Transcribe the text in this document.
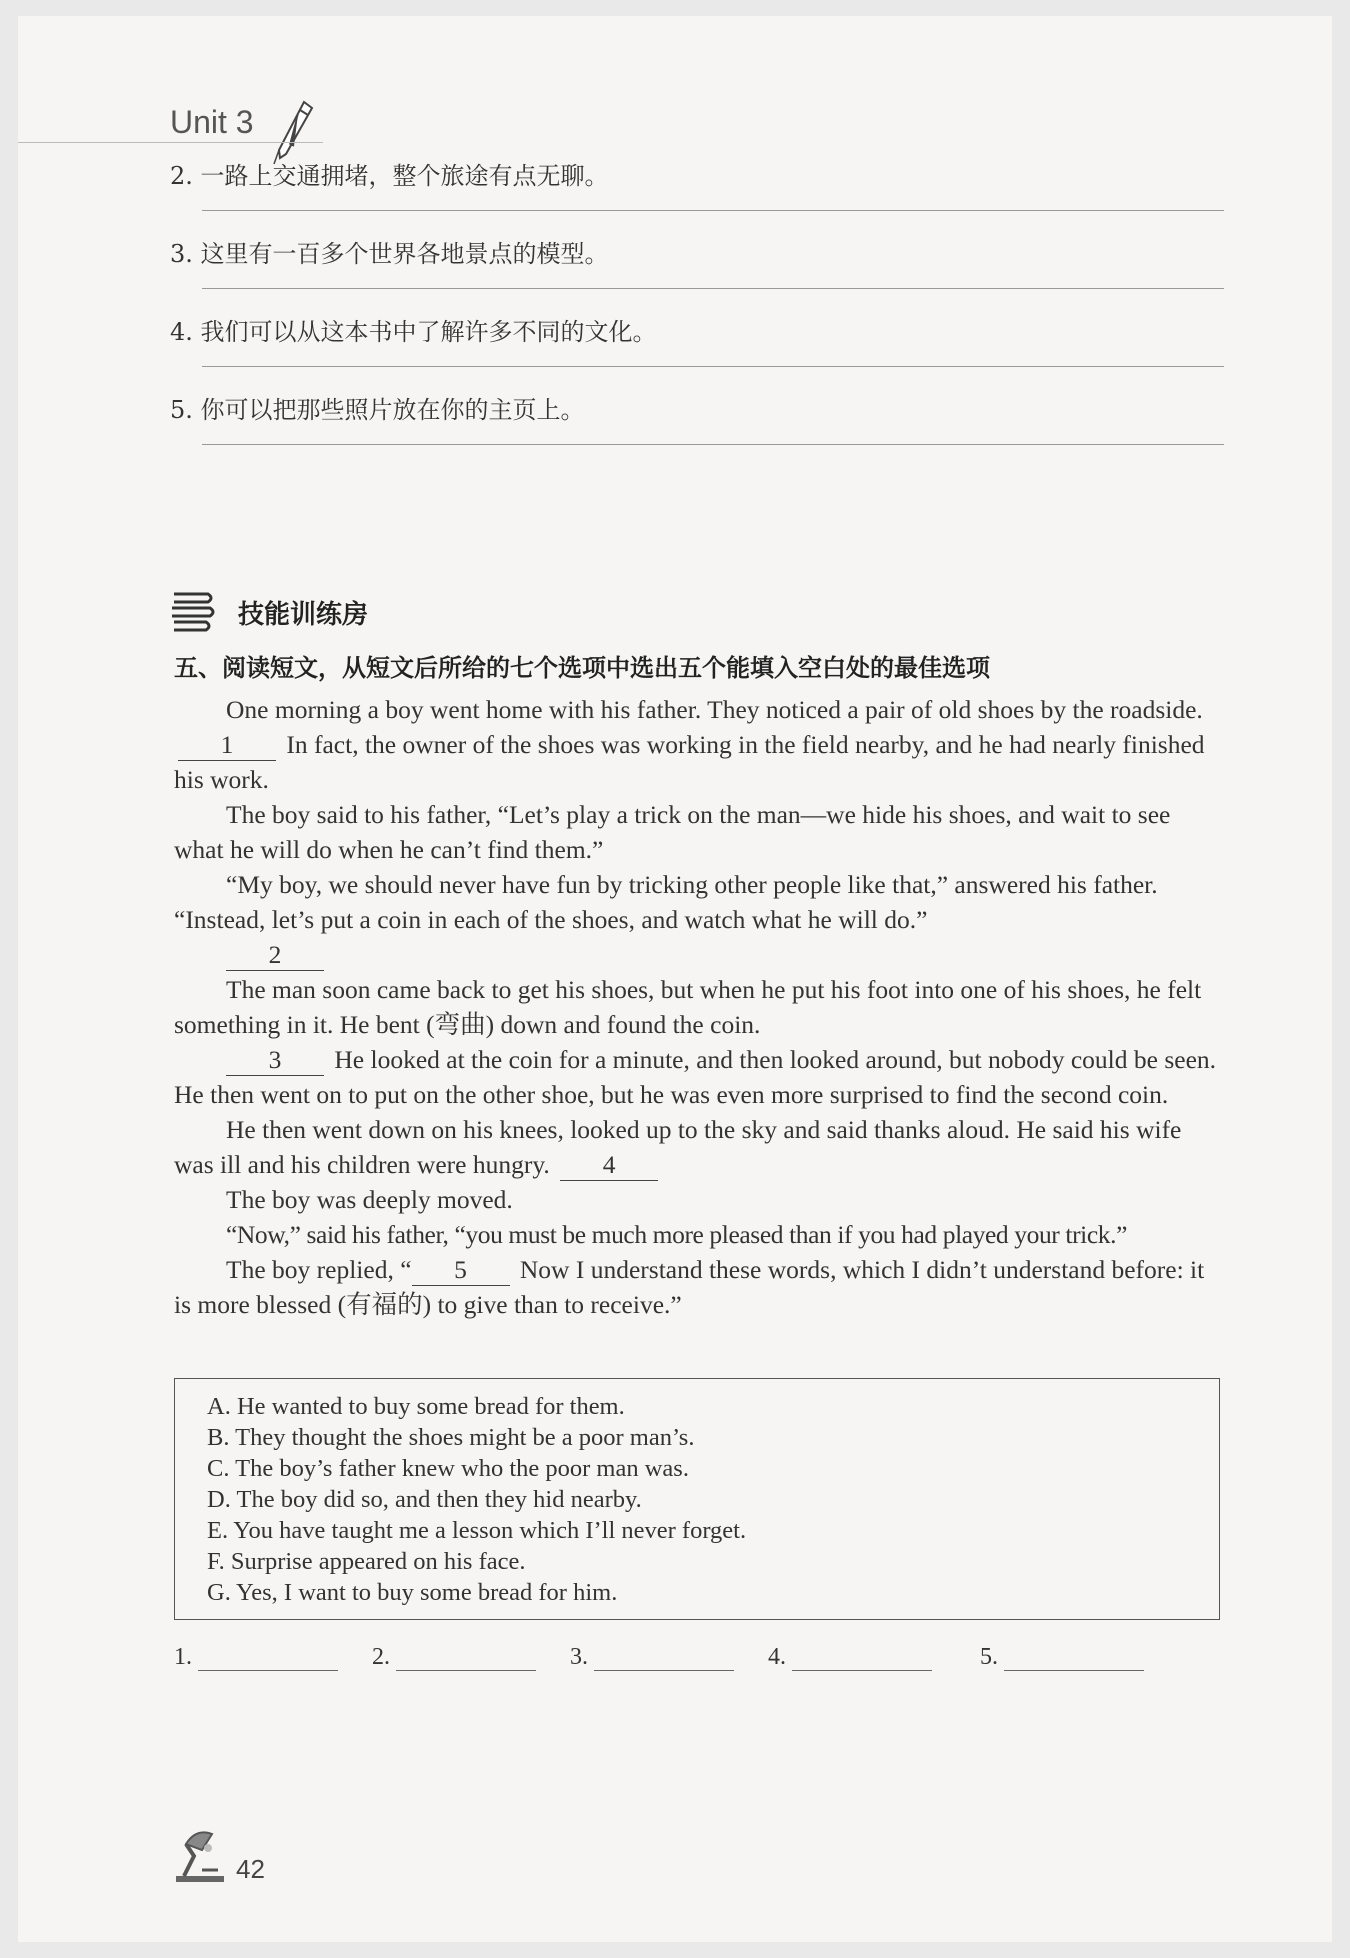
Unit 3
2. 一路上交通拥堵，整个旅途有点无聊。
3. 这里有一百多个世界各地景点的模型。
4. 我们可以从这本书中了解许多不同的文化。
5. 你可以把那些照片放在你的主页上。
技能训练房
五、阅读短文，从短文后所给的七个选项中选出五个能填入空白处的最佳选项

One morning a boy went home with his father. They noticed a pair of old shoes by the roadside. 1 In fact, the owner of the shoes was working in the field nearby, and he had nearly finished his work.

The boy said to his father, “Let’s play a trick on the man—we hide his shoes, and wait to see what he will do when he can’t find them.”

“My boy, we should never have fun by tricking other people like that,” answered his father. “Instead, let’s put a coin in each of the shoes, and watch what he will do.”

2

The man soon came back to get his shoes, but when he put his foot into one of his shoes, he felt something in it. He bent (弯曲) down and found the coin.

3 He looked at the coin for a minute, and then looked around, but nobody could be seen. He then went on to put on the other shoe, but he was even more surprised to find the second coin.

He then went down on his knees, looked up to the sky and said thanks aloud. He said his wife was ill and his children were hungry. 4

The boy was deeply moved.

“Now,” said his father, “you must be much more pleased than if you had played your trick.”

The boy replied, “ 5 Now I understand these words, which I didn’t understand before: it is more blessed (有福的) to give than to receive.”

A. He wanted to buy some bread for them.
B. They thought the shoes might be a poor man’s.
C. The boy’s father knew who the poor man was.
D. The boy did so, and then they hid nearby.
E. You have taught me a lesson which I’ll never forget.
F. Surprise appeared on his face.
G. Yes, I want to buy some bread for him.
1.	2.	3.	4.	5.
42
